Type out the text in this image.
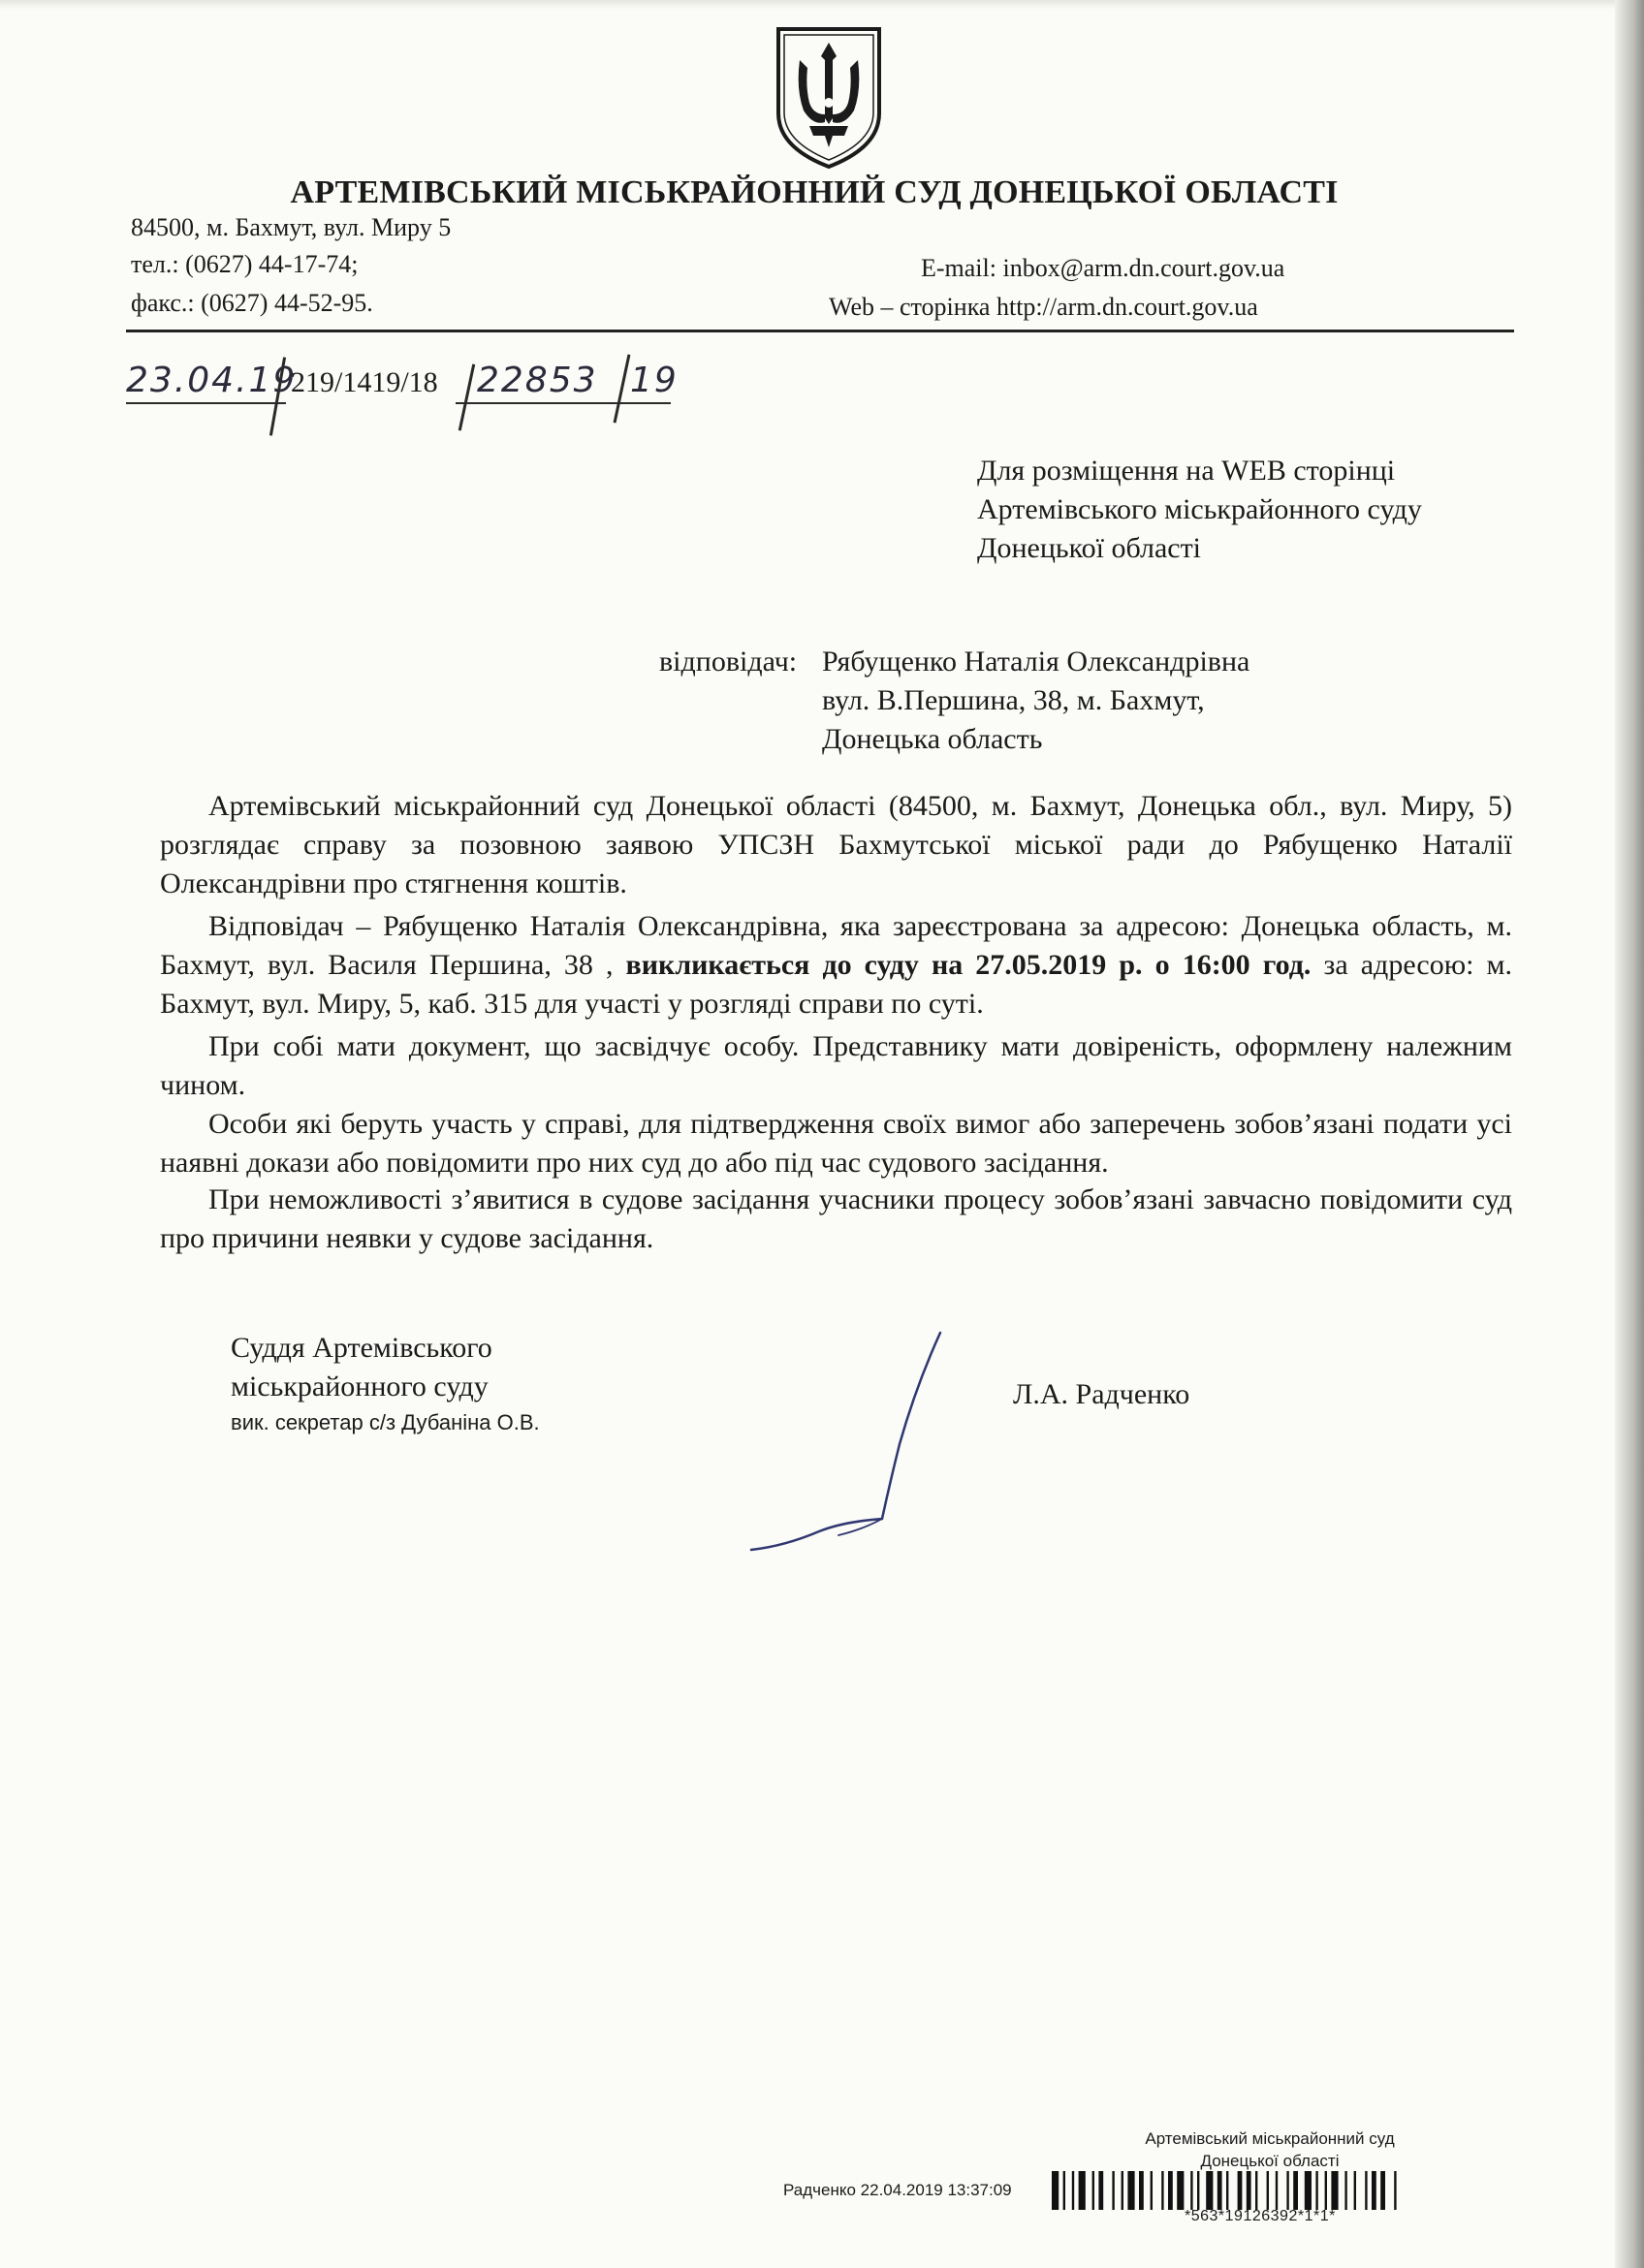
АРТЕМІВСЬКИЙ МІСЬКРАЙОННИЙ СУД ДОНЕЦЬКОЇ ОБЛАСТІ
84500, м. Бахмут, вул. Миру 5
тел.: (0627) 44-17-74;
факс.: (0627) 44-52-95.
E-mail: inbox@arm.dn.court.gov.ua
Web – сторінка http://arm.dn.court.gov.ua
23.04.19
219/1419/18 22853 19
Для розміщення на WEB сторінці
Артемівського міськрайонного суду
Донецької області
відповідач: Рябущенко Наталія Олександрівна
вул. В.Першина, 38, м. Бахмут,
Донецька область
Артемівський міськрайонний суд Донецької області (84500, м. Бахмут, Донецька обл., вул. Миру, 5) розглядає справу за позовною заявою УПСЗН Бахмутської міської ради до Рябущенко Наталії Олександрівни про стягнення коштів.
Відповідач – Рябущенко Наталія Олександрівна, яка зареєстрована за адресою: Донецька область, м. Бахмут, вул. Василя Першина, 38 , викликається до суду на 27.05.2019 р. о 16:00 год. за адресою: м. Бахмут, вул. Миру, 5, каб. 315 для участі у розгляді справи по суті.
При собі мати документ, що засвідчує особу. Представнику мати довіреність, оформлену належним чином.
Особи які беруть участь у справі, для підтвердження своїх вимог або заперечень зобов’язані подати усі наявні докази або повідомити про них суд до або під час судового засідання.
При неможливості з’явитися в судове засідання учасники процесу зобов’язані завчасно повідомити суд про причини неявки у судове засідання.
Суддя Артемівського
міськрайонного суду
вик. секретар с/з Дубаніна О.В.
Л.А. Радченко
Артемівський міськрайонний суд
Донецької області
Радченко 22.04.2019 13:37:09
*563*19126392*1*1*
